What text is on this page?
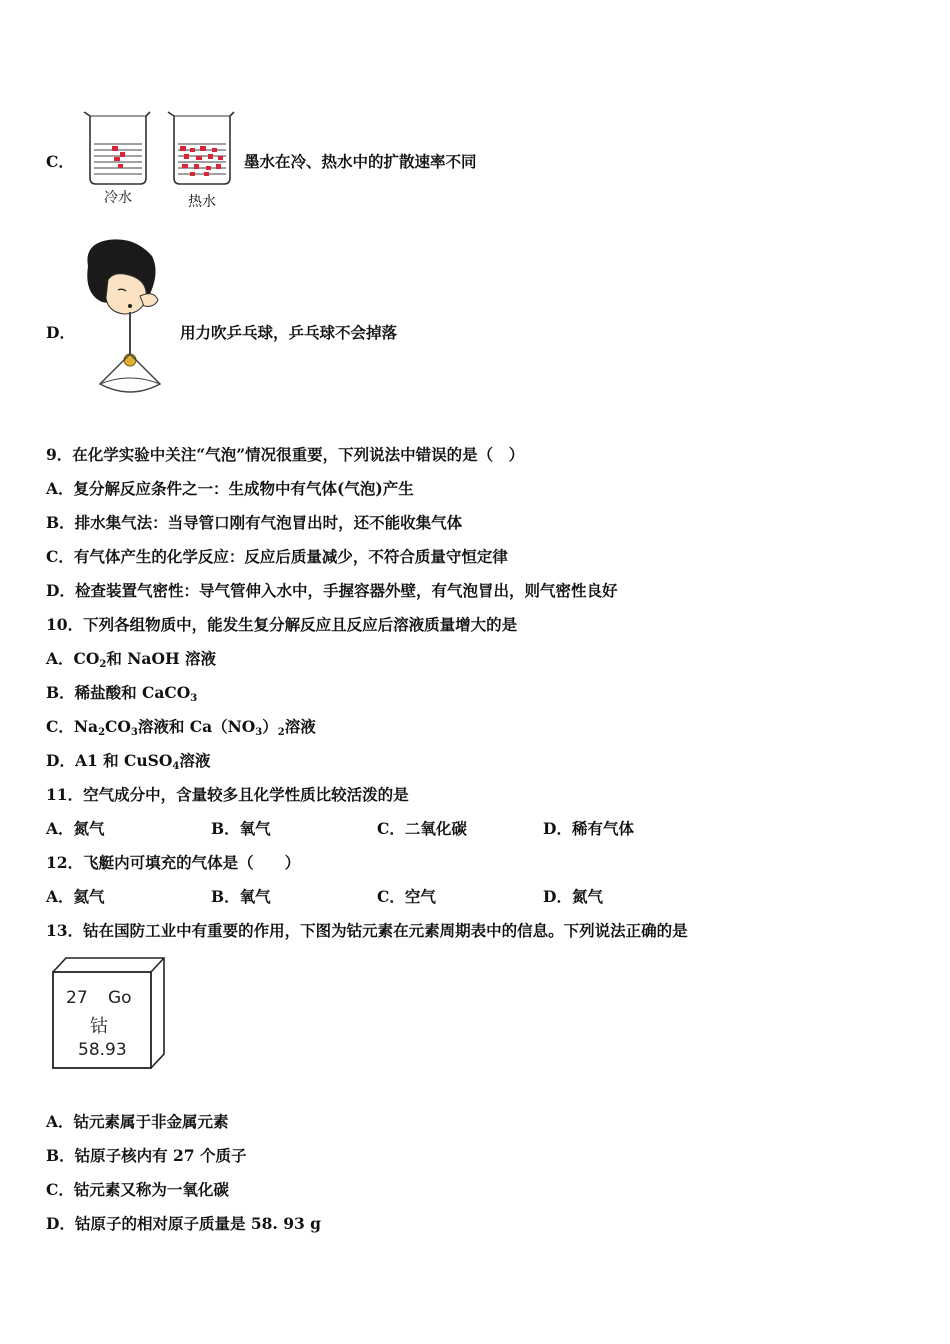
C．
冷水	热水
墨水在冷、热水中的扩散速率不同
D．	用力吹乒乓球，乒乓球不会掉落
9．在化学实验中关注“气泡”情况很重要，下列说法中错误的是（　）
A．复分解反应条件之一：生成物中有气体(气泡)产生
B．排水集气法：当导管口刚有气泡冒出时，还不能收集气体
C．有气体产生的化学反应：反应后质量减少，不符合质量守恒定律
D．检查装置气密性：导气管伸入水中，手握容器外壁，有气泡冒出，则气密性良好
10．下列各组物质中，能发生复分解反应且反应后溶液质量增大的是
A．$CO_2$和 NaOH 溶液
B．稀盐酸和 CaCO$_3$
C．$Na_2CO_3$溶液和 $Ca(NO_3)_2$溶液
D．A1 和 CuSO$_4$溶液
11．空气成分中，含量较多且化学性质比较活泼的是
A．氮气	B．氧气	C．二氧化碳	D．稀有气体
12．飞艇内可填充的气体是（　　）
A．氦气	B．氧气	C．空气	D．氮气
13．钴在国防工业中有重要的作用，下图为钴元素在元素周期表中的信息。下列说法正确的是
27 Go
钴
58.93
A．钴元素属于非金属元素
B．钴原子核内有 27 个质子
C．钴元素又称为一氧化碳
D．钴原子的相对原子质量是 58. 93 g
